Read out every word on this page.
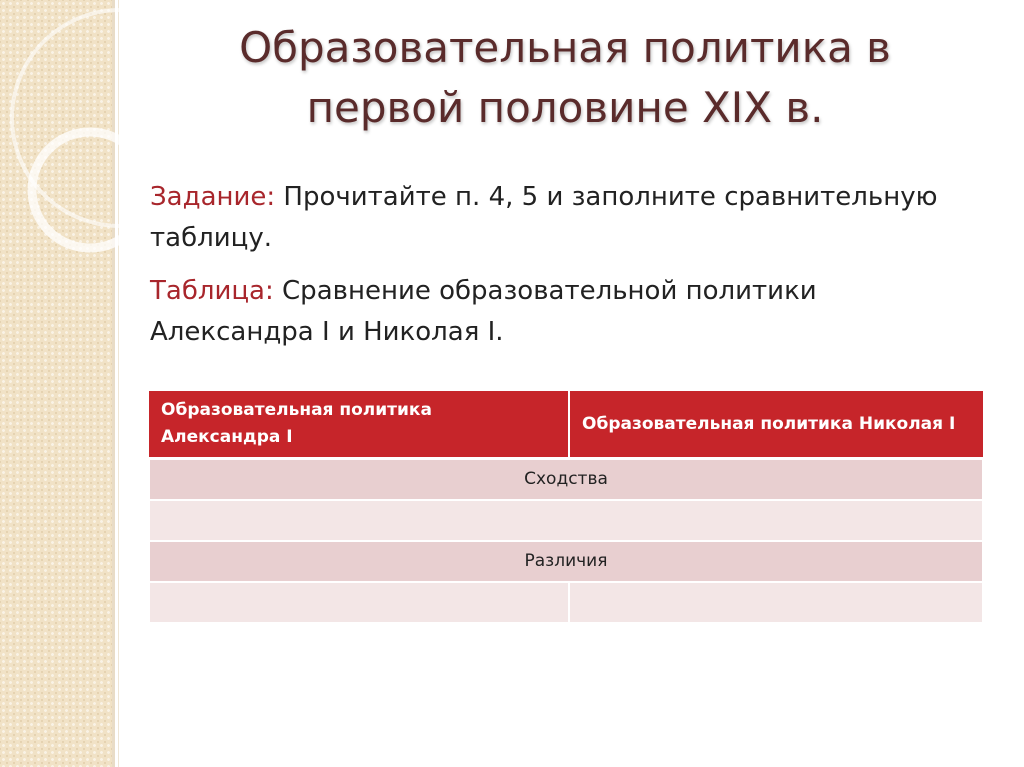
Образовательная политика в
первой половине XIX в.
Задание: Прочитайте п. 4, 5 и заполните сравнительную таблицу.
Таблица: Сравнение образовательной политики Александра I и Николая I.
Образовательная политика Александра I	Образовательная политика Николая I
Сходства	

Различия	
